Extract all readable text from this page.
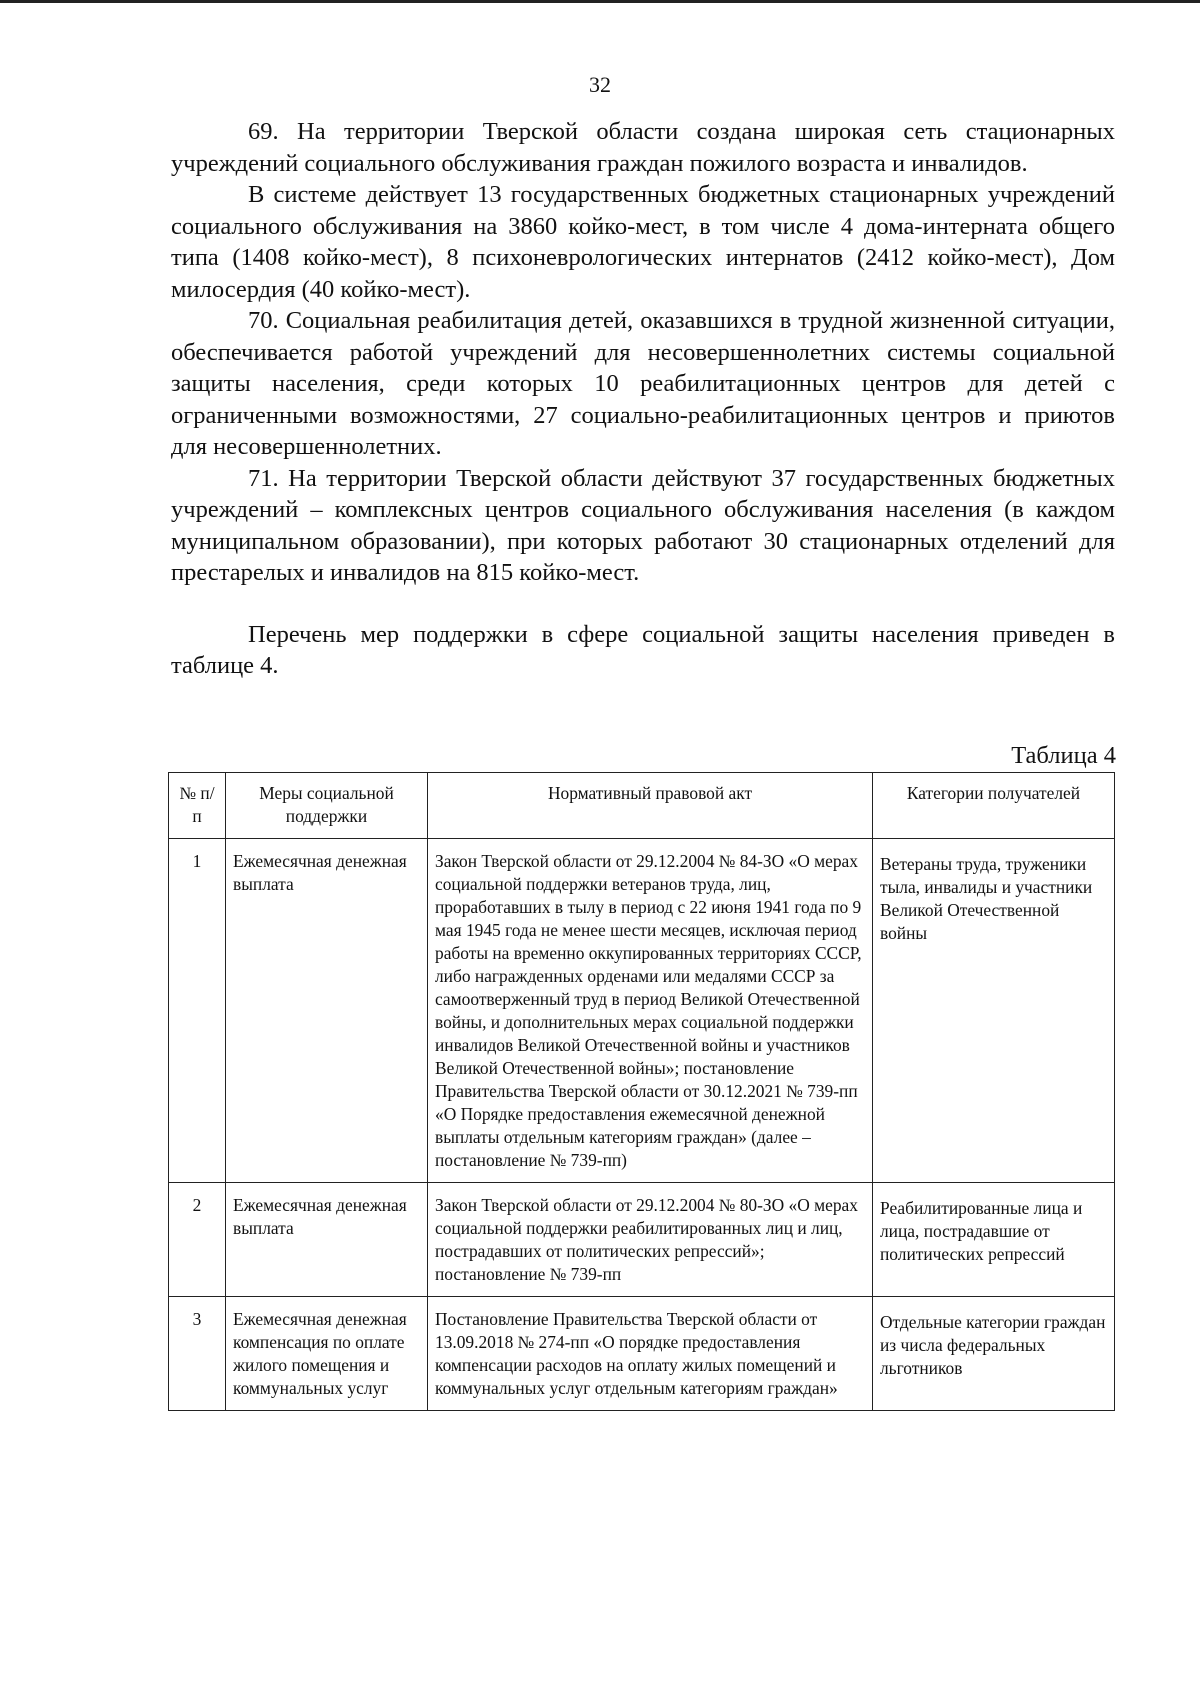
32

69. На территории Тверской области создана широкая сеть стационарных учреждений социального обслуживания граждан пожилого возраста и инвалидов.

В системе действует 13 государственных бюджетных стационарных учреждений социального обслуживания на 3860 койко-мест, в том числе 4 дома-интерната общего типа (1408 койко-мест), 8 психоневрологических интернатов (2412 койко-мест), Дом милосердия (40 койко-мест).

70. Социальная реабилитация детей, оказавшихся в трудной жизненной ситуации, обеспечивается работой учреждений для несовершеннолетних системы социальной защиты населения, среди которых 10 реабилитационных центров для детей с ограниченными возможностями, 27 социально-реабилитационных центров и приютов для несовершеннолетних.

71. На территории Тверской области действуют 37 государственных бюджетных учреждений – комплексных центров социального обслуживания населения (в каждом муниципальном образовании), при которых работают 30 стационарных отделений для престарелых и инвалидов на 815 койко-мест.

Перечень мер поддержки в сфере социальной защиты населения приведен в таблице 4.

Таблица 4
№ п/п	Меры социальной поддержки	Нормативный правовой акт	Категории получателей
1	Ежемесячная денежная выплата	Закон Тверской области от 29.12.2004 № 84-ЗО «О мерах социальной поддержки ветеранов труда, лиц, проработавших в тылу в период с 22 июня 1941 года по 9 мая 1945 года не менее шести месяцев, исключая период работы на временно оккупированных территориях СССР, либо награжденных орденами или медалями СССР за самоотверженный труд в период Великой Отечественной войны, и дополнительных мерах социальной поддержки инвалидов Великой Отечественной войны и участников Великой Отечественной войны»; постановление Правительства Тверской области от 30.12.2021 № 739-пп «О Порядке предоставления ежемесячной денежной выплаты отдельным категориям граждан» (далее – постановление № 739-пп)	Ветераны труда, труженики тыла, инвалиды и участники Великой Отечественной войны
2	Ежемесячная денежная выплата	Закон Тверской области от 29.12.2004 № 80-ЗО «О мерах социальной поддержки реабилитированных лиц и лиц, пострадавших от политических репрессий»; постановление № 739-пп	Реабилитированные лица и лица, пострадавшие от политических репрессий
3	Ежемесячная денежная компенсация по оплате жилого помещения и коммунальных услуг	Постановление Правительства Тверской области от 13.09.2018 № 274-пп «О порядке предоставления компенсации расходов на оплату жилых помещений и коммунальных услуг отдельным категориям граждан»	Отдельные категории граждан из числа федеральных льготников
